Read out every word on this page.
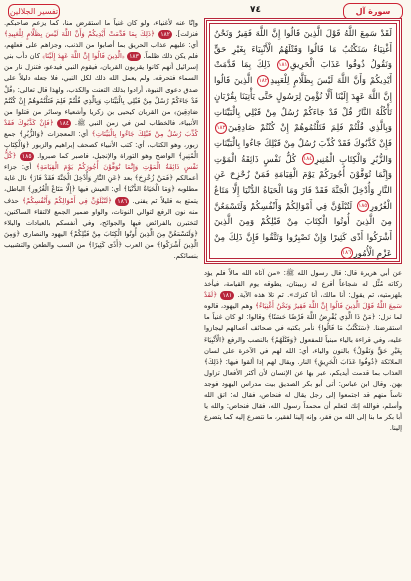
تفسير الجلالين	٧٤	سورة آل
لَقَدْ سَمِعَ اللَّهُ قَوْلَ الَّذِينَ قَالُوا إِنَّ اللَّهَ فَقِيرٌ وَنَحْنُ أَغْنِيَاءُ سَنَكْتُبُ مَا قَالُوا وَقَتْلَهُمُ الْأَنْبِيَاءَ بِغَيْرِ حَقٍّ وَنَقُولُ ذُوقُوا عَذَابَ الْحَرِيقِ١٨١ ذَلِكَ بِمَا قَدَّمَتْ أَيْدِيكُمْ وَأَنَّ اللَّهَ لَيْسَ بِظَلَّامٍ لِلْعَبِيدِ١٨٢ الَّذِينَ قَالُوا إِنَّ اللَّهَ عَهِدَ إِلَيْنَا أَلَّا نُؤْمِنَ لِرَسُولٍ حَتَّى يَأْتِيَنَا بِقُرْبَانٍ تَأْكُلُهُ النَّارُ قُلْ قَدْ جَاءَكُمْ رُسُلٌ مِنْ قَبْلِي بِالْبَيِّنَاتِ وَبِالَّذِي قُلْتُمْ فَلِمَ قَتَلْتُمُوهُمْ إِنْ كُنْتُمْ صَادِقِينَ١٨٣ فَإِنْ كَذَّبُوكَ فَقَدْ كُذِّبَ رُسُلٌ مِنْ قَبْلِكَ جَاءُوا بِالْبَيِّنَاتِ وَالزُّبُرِ وَالْكِتَابِ الْمُنِيرِ١٨٤ كُلُّ نَفْسٍ ذَائِقَةُ الْمَوْتِ وَإِنَّمَا تُوَفَّوْنَ أُجُورَكُمْ يَوْمَ الْقِيَامَةِ فَمَنْ زُحْزِحَ عَنِ النَّارِ وَأُدْخِلَ الْجَنَّةَ فَقَدْ فَازَ وَمَا الْحَيَاةُ الدُّنْيَا إِلَّا مَتَاعُ الْغُرُورِ١٨٥ لَتُبْلَوُنَّ فِي أَمْوَالِكُمْ وَأَنْفُسِكُمْ وَلَتَسْمَعُنَّ مِنَ الَّذِينَ أُوتُوا الْكِتَابَ مِنْ قَبْلِكُمْ وَمِنَ الَّذِينَ أَشْرَكُوا أَذًى كَثِيرًا وَإِنْ تَصْبِرُوا وَتَتَّقُوا فَإِنَّ ذَلِكَ مِنْ عَزْمِ الْأُمُورِ١٨٦
وإنّا عنه لأغنياء، ولو كان غنياً ما استقرض منا، كما يزعم صاحبكم. فنزلت]. ١٨٢ ﴿ذَلِكَ بِمَا قَدَّمَتْ أَيْدِيكُمْ وَأَنَّ اللَّهَ لَيْسَ بِظَلَّامٍ لِلْعَبِيدِ﴾ أي: عليهم عذاب الحريق بما أصابوا من الذنب، وجزاهم على فعلهم، فلم يكن ذلك ظلماً. ١٨٣ ﴿الَّذِينَ قَالُوا إِنَّ اللَّهَ عَهِدَ إِلَيْنَا﴾ كان دأب بني إسرائيل أنهم كانوا يقربون القربان، فيقوم النبي فيدعو، فتنزل نار من السماء فتحرقه. ولم يعمل الله ذلك لكل النبي، فلا جعله دليلاً على صدق دعوى النبوة، أرادوا بذلك التعنت والكذب، ولهذا قال تعالى: ﴿قُلْ قَدْ جَاءَكُمْ رُسُلٌ مِنْ قَبْلِي بِالْبَيِّنَاتِ وَبِالَّذِي قُلْتُمْ فَلِمَ قَتَلْتُمُوهُمْ إِنْ كُنْتُمْ صَادِقِينَ﴾ من القربان كيحيى بن زكريا وأشعياء وسائر من قتلوا من الأنبياء، فالخطاب لمن في زمن النبي ﷺ. ١٨٤ ﴿فَإِنْ كَذَّبُوكَ فَقَدْ كُذِّبَ رُسُلٌ مِنْ قَبْلِكَ جَاءُوا بِالْبَيِّنَاتِ﴾ أي: المعجزات ﴿وَالزُّبُرِ﴾ جمع زبور، وهو الكتاب، أي: كتب الأنبياء كصحف إبراهيم والزبور ﴿وَالْكِتَابِ الْمُنِيرِ﴾ الواضح وهو التوراة والإنجيل، فاصبر كما صبروا. ١٨٥ ﴿كُلُّ نَفْسٍ ذَائِقَةُ الْمَوْتِ وَإِنَّمَا تُوَفَّوْنَ أُجُورَكُمْ يَوْمَ الْقِيَامَةِ﴾ أي: جزاء أعمالكم ﴿فَمَنْ زُحْزِحَ﴾ بعد ﴿عَنِ النَّارِ وَأُدْخِلَ الْجَنَّةَ فَقَدْ فَازَ﴾ نال غاية مطلوبه ﴿وَمَا الْحَيَاةُ الدُّنْيَا﴾ أي: العيش فيها ﴿إِلَّا مَتَاعُ الْغُرُورِ﴾ الباطل، يتمتع به قليلاً ثم يفنى. ١٨٦ ﴿لَتُبْلَوُنَّ فِي أَمْوَالِكُمْ وَأَنْفُسِكُمْ﴾ حذف منه نون الرفع لتوالي النونات، والواو ضمير الجمع لالتقاء الساكنين، لتختبرن بالفرائض فيها والجوائح، وفي أنفسكم بالعبادات والبلاء ﴿وَلَتَسْمَعُنَّ مِنَ الَّذِينَ أُوتُوا الْكِتَابَ مِنْ قَبْلِكُمْ﴾ اليهود والنصارى ﴿وَمِنَ الَّذِينَ أَشْرَكُوا﴾ من العرب ﴿أَذًى كَثِيرًا﴾ من السب والطعن والتشبيب بنسائكم.
عن أبي هريرة قال: قال رسول الله ﷺ: «من آتاه الله مالاً فلم يؤد زكاته مُثِّل له شجاعاً أقرع له زبيبتان، يطوقه يوم القيامة، فيأخذ بلهزمتيه، ثم يقول: أنا مالك، أنا كنزك». ثم تلا هذه الآية. ١٨١ ﴿لَقَدْ سَمِعَ اللَّهُ قَوْلَ الَّذِينَ قَالُوا إِنَّ اللَّهَ فَقِيرٌ وَنَحْنُ أَغْنِيَاءُ﴾ وهم اليهود، قالوه لما نزل: ﴿مَنْ ذَا الَّذِي يُقْرِضُ اللَّهَ قَرْضًا حَسَنًا﴾ وقالوا: لو كان غنياً ما استقرضنا. ﴿سَنَكْتُبُ مَا قَالُوا﴾ نأمر بكتبه في صحائف أعمالهم ليجازوا عليه، وفي قراءة بالياء مبنياً للمفعول ﴿وَقَتْلَهُمُ﴾ بالنصب والرفع ﴿الْأَنْبِيَاءَ بِغَيْرِ حَقٍّ وَنَقُولُ﴾ بالنون والياء، أي: الله لهم في الآخرة على لسان الملائكة ﴿ذُوقُوا عَذَابَ الْحَرِيقِ﴾ النار. ويقال لهم إذا ألقوا فيها: ﴿ذَلِكَ﴾ العذاب بما قدمت أيديكم، عبر بها عن الإنسان لأن أكثر الأفعال تزاول بهن. وقال ابن عباس: أتى أبو بكر الصديق بيت مدراس اليهود فوجد ناساً منهم قد اجتمعوا إلى رجل يقال له فنحاص، فقال له: اتق الله وأسلم، فوالله إنك لتعلم أن محمداً رسول الله، فقال فنحاص: والله يا أبا بكر ما بنا إلى الله من فقر، وإنه إلينا لفقير، ما نتضرع إليه كما يتضرع إلينا.
